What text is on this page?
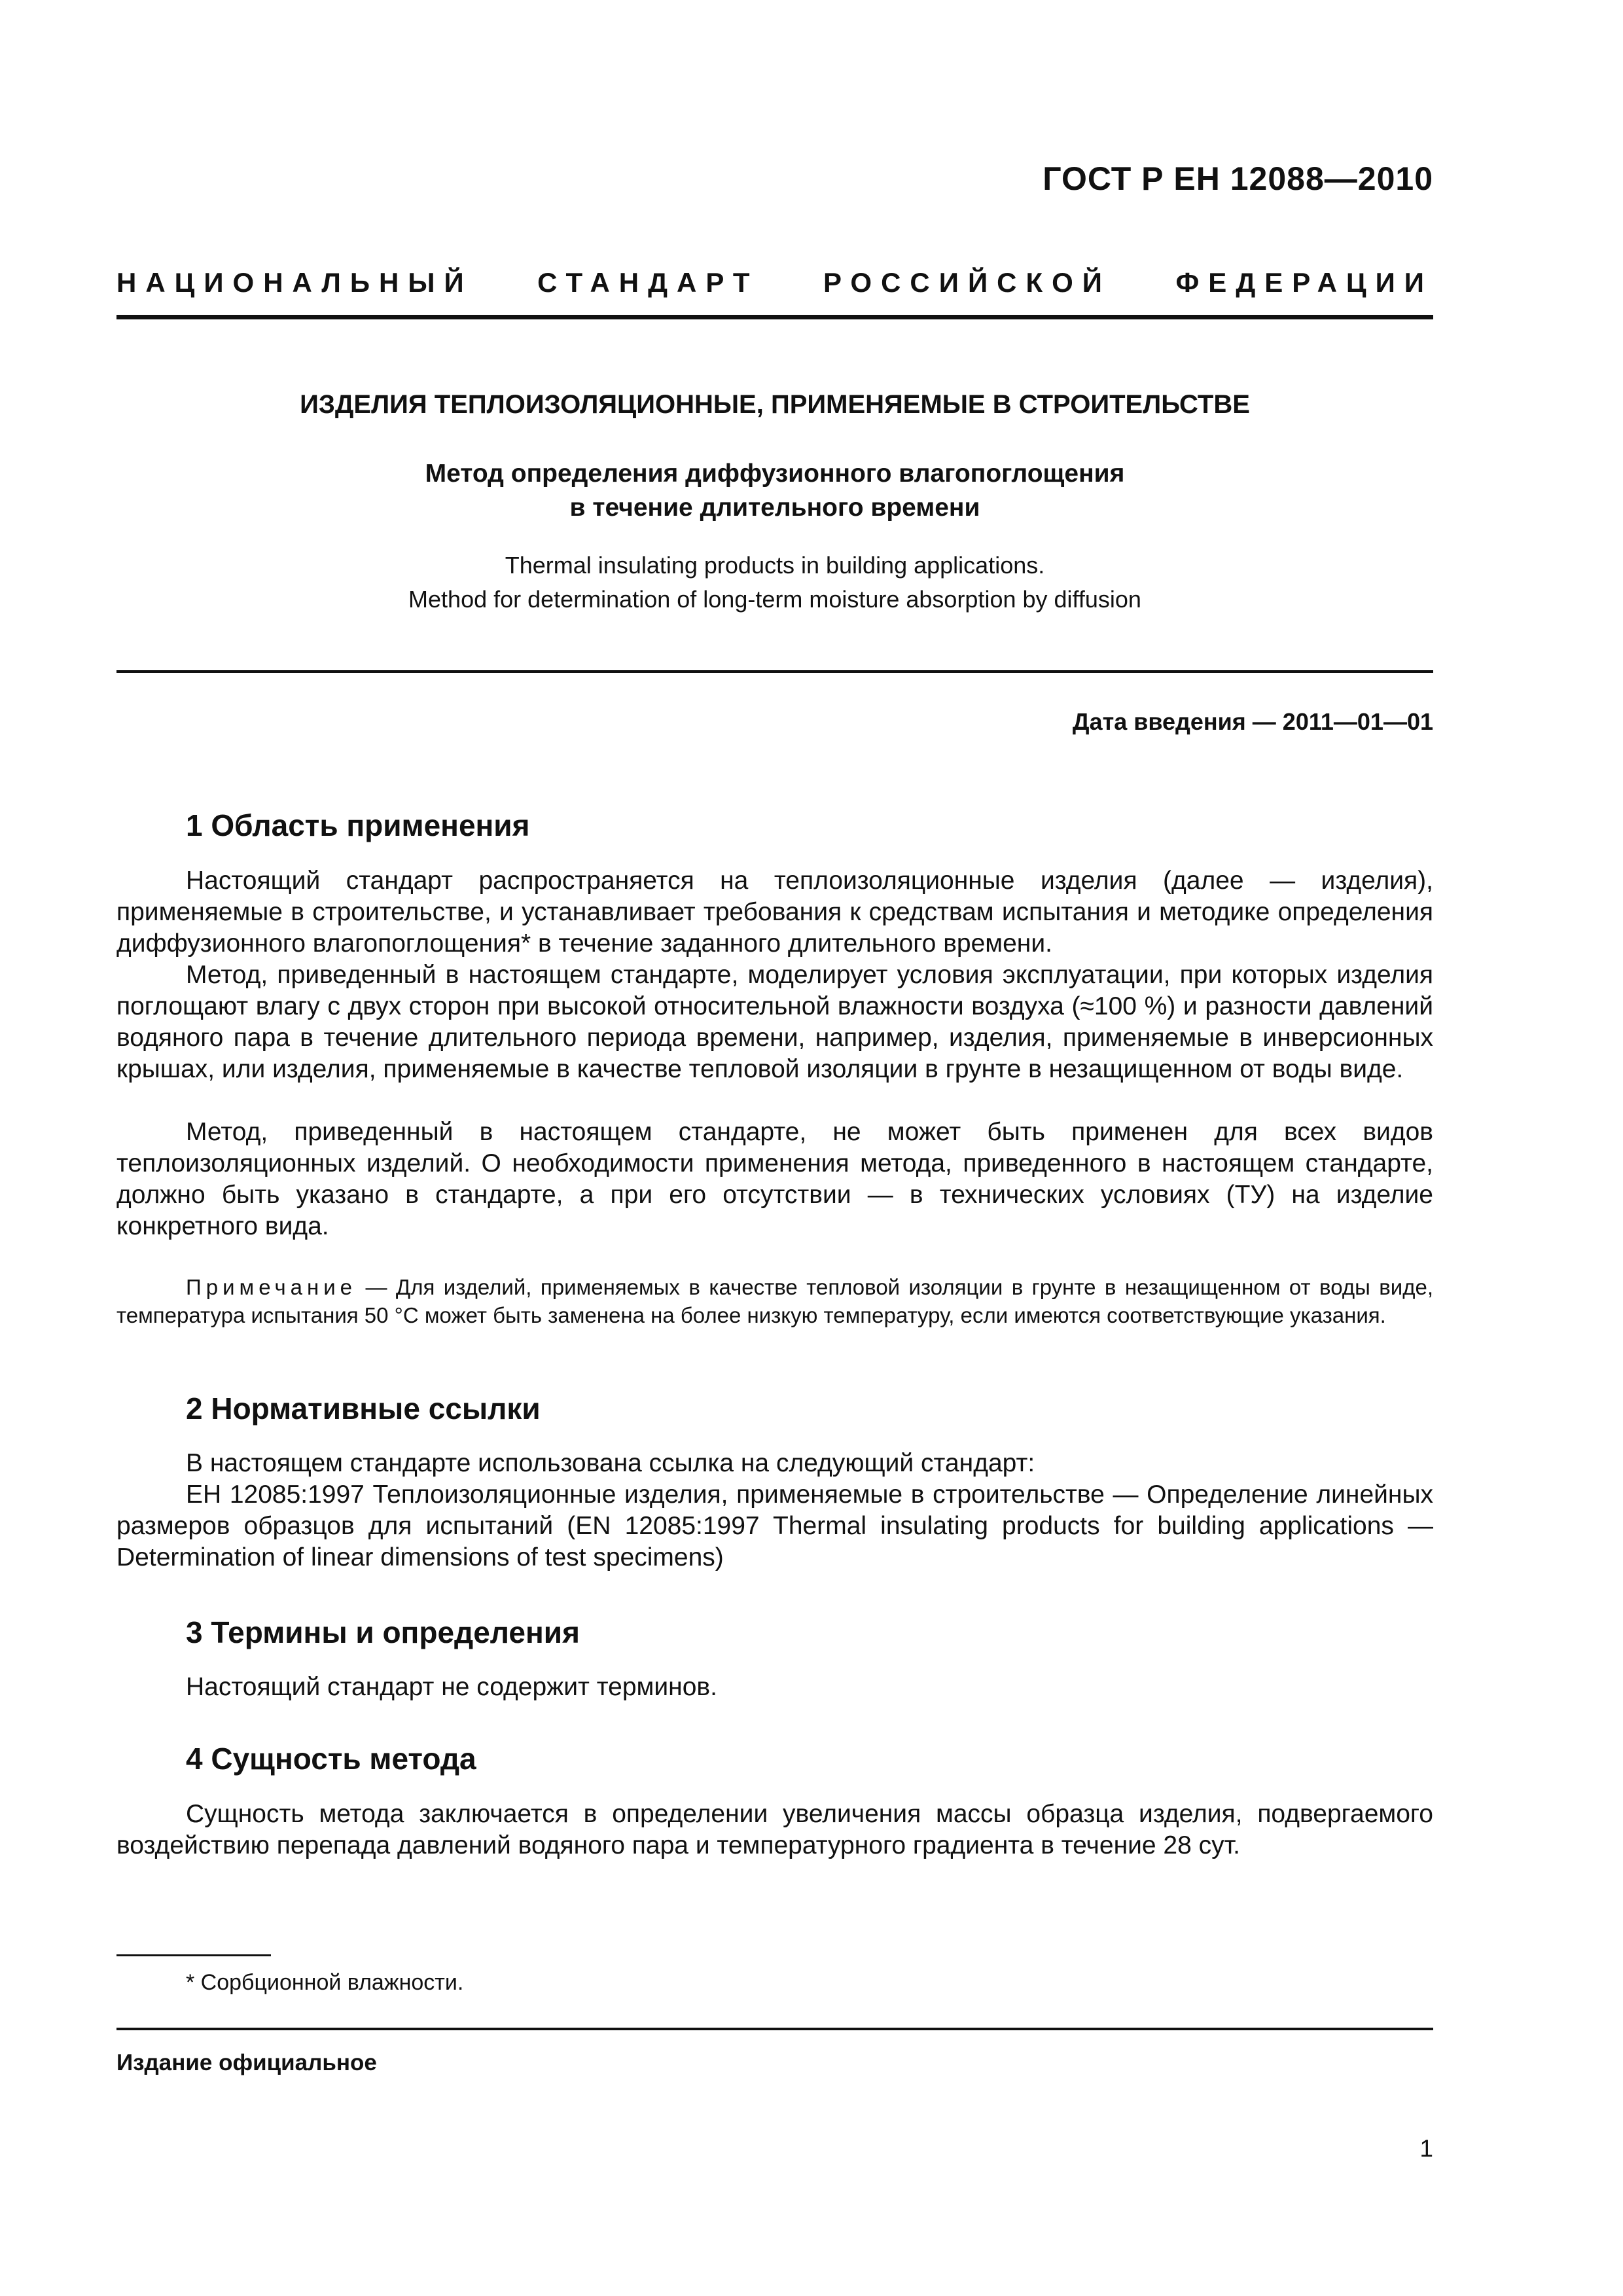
ГОСТ Р ЕН 12088—2010
НАЦИОНАЛЬНЫЙ СТАНДАРТ РОССИЙСКОЙ ФЕДЕРАЦИИ
ИЗДЕЛИЯ ТЕПЛОИЗОЛЯЦИОННЫЕ, ПРИМЕНЯЕМЫЕ В СТРОИТЕЛЬСТВЕ
Метод определения диффузионного влагопоглощения
в течение длительного времени
Thermal insulating products in building applications.
Method for determination of long-term moisture absorption by diffusion
Дата введения — 2011—01—01
1 Область применения
Настоящий стандарт распространяется на теплоизоляционные изделия (далее — изделия), применяемые в строительстве, и устанавливает требования к средствам испытания и методике определения диффузионного влагопоглощения* в течение заданного длительного времени.
Метод, приведенный в настоящем стандарте, моделирует условия эксплуатации, при которых изделия поглощают влагу с двух сторон при высокой относительной влажности воздуха (≈100 %) и разности давлений водяного пара в течение длительного периода времени, например, изделия, применяемые в инверсионных крышах, или изделия, применяемые в качестве тепловой изоляции в грунте в незащищенном от воды виде.
Метод, приведенный в настоящем стандарте, не может быть применен для всех видов теплоизоляционных изделий. О необходимости применения метода, приведенного в настоящем стандарте, должно быть указано в стандарте, а при его отсутствии — в технических условиях (ТУ) на изделие конкретного вида.
Примечание — Для изделий, применяемых в качестве тепловой изоляции в грунте в незащищенном от воды виде, температура испытания 50 °С может быть заменена на более низкую температуру, если имеются соответствующие указания.
2 Нормативные ссылки
В настоящем стандарте использована ссылка на следующий стандарт:
ЕН 12085:1997 Теплоизоляционные изделия, применяемые в строительстве — Определение линейных размеров образцов для испытаний (EN 12085:1997 Thermal insulating products for building applications — Determination of linear dimensions of test specimens)
3 Термины и определения
Настоящий стандарт не содержит терминов.
4 Сущность метода
Сущность метода заключается в определении увеличения массы образца изделия, подвергаемого воздействию перепада давлений водяного пара и температурного градиента в течение 28 сут.
* Сорбционной влажности.
Издание официальное
1
